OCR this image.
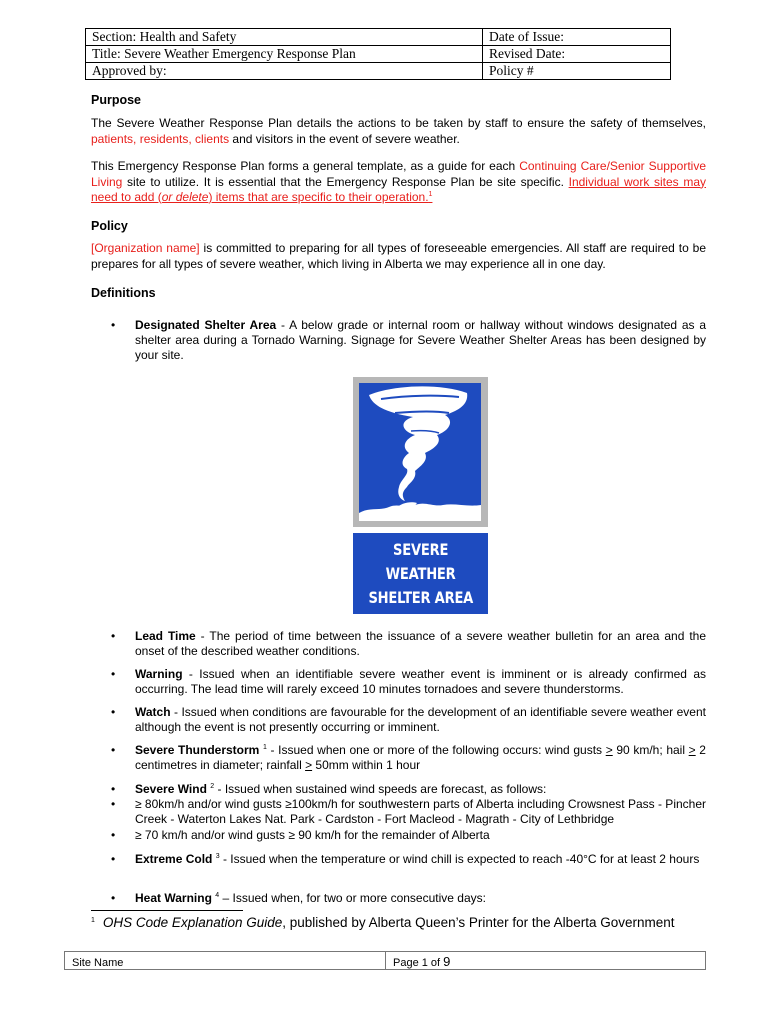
Section: Health and Safety	Date of Issue:
Title: Severe Weather Emergency Response Plan	Revised Date:
Approved by:	Policy #
Purpose
The Severe Weather Response Plan details the actions to be taken by staff to ensure the safety of themselves, patients, residents, clients and visitors in the event of severe weather.
This Emergency Response Plan forms a general template, as a guide for each Continuing Care/Senior Supportive Living site to utilize. It is essential that the Emergency Response Plan be site specific. Individual work sites may need to add (or delete) items that are specific to their operation.$^1$
Policy
[Organization name] is committed to preparing for all types of foreseeable emergencies. All staff are required to be prepares for all types of severe weather, which living in Alberta we may experience all in one day.
Definitions
• Designated Shelter Area - A below grade or internal room or hallway without windows designated as a shelter area during a Tornado Warning. Signage for Severe Weather Shelter Areas has been designed by your site.
SEVERE
WEATHER
SHELTER AREA
• Lead Time - The period of time between the issuance of a severe weather bulletin for an area and the onset of the described weather conditions.
• Warning - Issued when an identifiable severe weather event is imminent or is already confirmed as occurring. The lead time will rarely exceed 10 minutes tornadoes and severe thunderstorms.
• Watch - Issued when conditions are favourable for the development of an identifiable severe weather event although the event is not presently occurring or imminent.
• Severe Thunderstorm $^1$ - Issued when one or more of the following occurs: wind gusts ≥ 90 km/h; hail ≥ 2 centimetres in diameter; rainfall ≥ 50mm within 1 hour
• Severe Wind $^2$ - Issued when sustained wind speeds are forecast, as follows:
• ≥ 80km/h and/or wind gusts ≥100km/h for southwestern parts of Alberta including Crowsnest Pass - Pincher Creek - Waterton Lakes Nat. Park - Cardston - Fort Macleod - Magrath - City of Lethbridge
• ≥ 70 km/h and/or wind gusts ≥ 90 km/h for the remainder of Alberta
• Extreme Cold $^3$ - Issued when the temperature or wind chill is expected to reach -40°C for at least 2 hours
• Heat Warning $^4$ – Issued when, for two or more consecutive days:
$^1$ OHS Code Explanation Guide, published by Alberta Queen’s Printer for the Alberta Government
Site Name	Page 1 of 9
